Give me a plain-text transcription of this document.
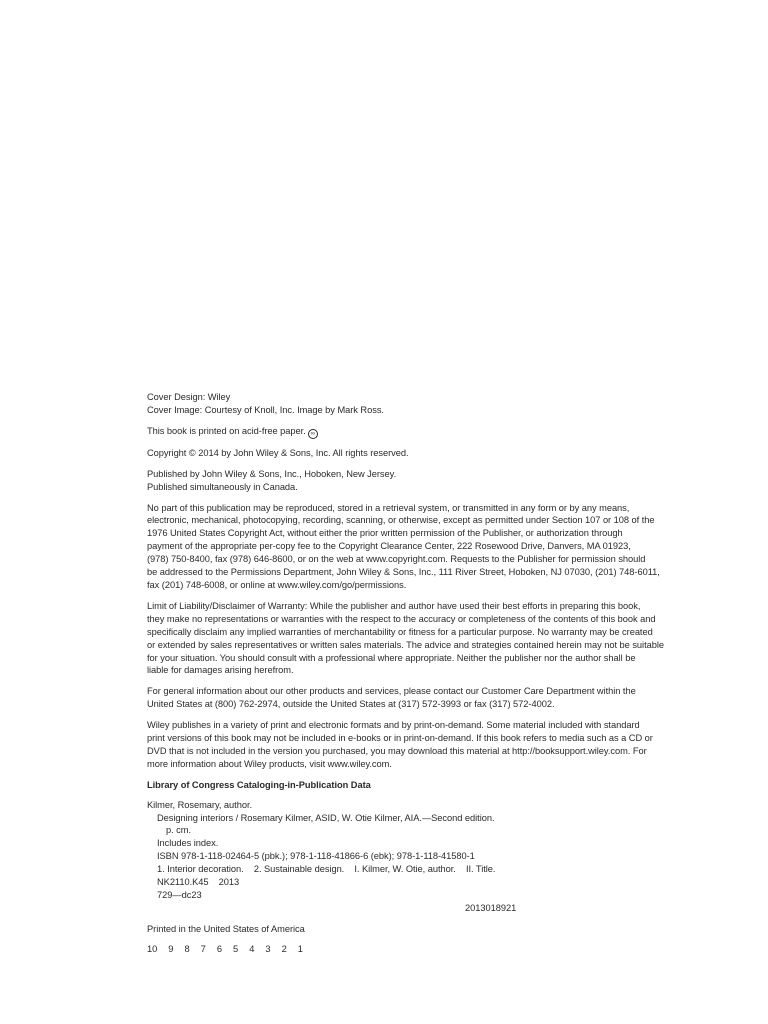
Cover Design: Wiley

Cover Image: Courtesy of Knoll, Inc. Image by Mark Ross.

This book is printed on acid-free paper. ∞

Copyright © 2014 by John Wiley & Sons, Inc. All rights reserved.

Published by John Wiley & Sons, Inc., Hoboken, New Jersey.

Published simultaneously in Canada.

No part of this publication may be reproduced, stored in a retrieval system, or transmitted in any form or by any means,

electronic, mechanical, photocopying, recording, scanning, or otherwise, except as permitted under Section 107 or 108 of the

1976 United States Copyright Act, without either the prior written permission of the Publisher, or authorization through

payment of the appropriate per-copy fee to the Copyright Clearance Center, 222 Rosewood Drive, Danvers, MA 01923,

(978) 750-8400, fax (978) 646-8600, or on the web at www.copyright.com. Requests to the Publisher for permission should

be addressed to the Permissions Department, John Wiley & Sons, Inc., 111 River Street, Hoboken, NJ 07030, (201) 748-6011,

fax (201) 748-6008, or online at www.wiley.com/go/permissions.

Limit of Liability/Disclaimer of Warranty: While the publisher and author have used their best efforts in preparing this book,

they make no representations or warranties with the respect to the accuracy or completeness of the contents of this book and

specifically disclaim any implied warranties of merchantability or fitness for a particular purpose. No warranty may be created

or extended by sales representatives or written sales materials. The advice and strategies contained herein may not be suitable

for your situation. You should consult with a professional where appropriate. Neither the publisher nor the author shall be

liable for damages arising herefrom.

For general information about our other products and services, please contact our Customer Care Department within the

United States at (800) 762-2974, outside the United States at (317) 572-3993 or fax (317) 572-4002.

Wiley publishes in a variety of print and electronic formats and by print-on-demand. Some material included with standard

print versions of this book may not be included in e-books or in print-on-demand. If this book refers to media such as a CD or

DVD that is not included in the version you purchased, you may download this material at http://booksupport.wiley.com. For

more information about Wiley products, visit www.wiley.com.

Library of Congress Cataloging-in-Publication Data

Kilmer, Rosemary, author.

Designing interiors / Rosemary Kilmer, ASID, W. Otie Kilmer, AIA.—Second edition.

p. cm.

Includes index.

ISBN 978-1-118-02464-5 (pbk.); 978-1-118-41866-6 (ebk); 978-1-118-41580-1

1. Interior decoration.    2. Sustainable design.    I. Kilmer, W. Otie, author.    II. Title.

NK2110.K45    2013

729—dc23

2013018921

Printed in the United States of America

10  9  8  7  6  5  4  3  2  1
